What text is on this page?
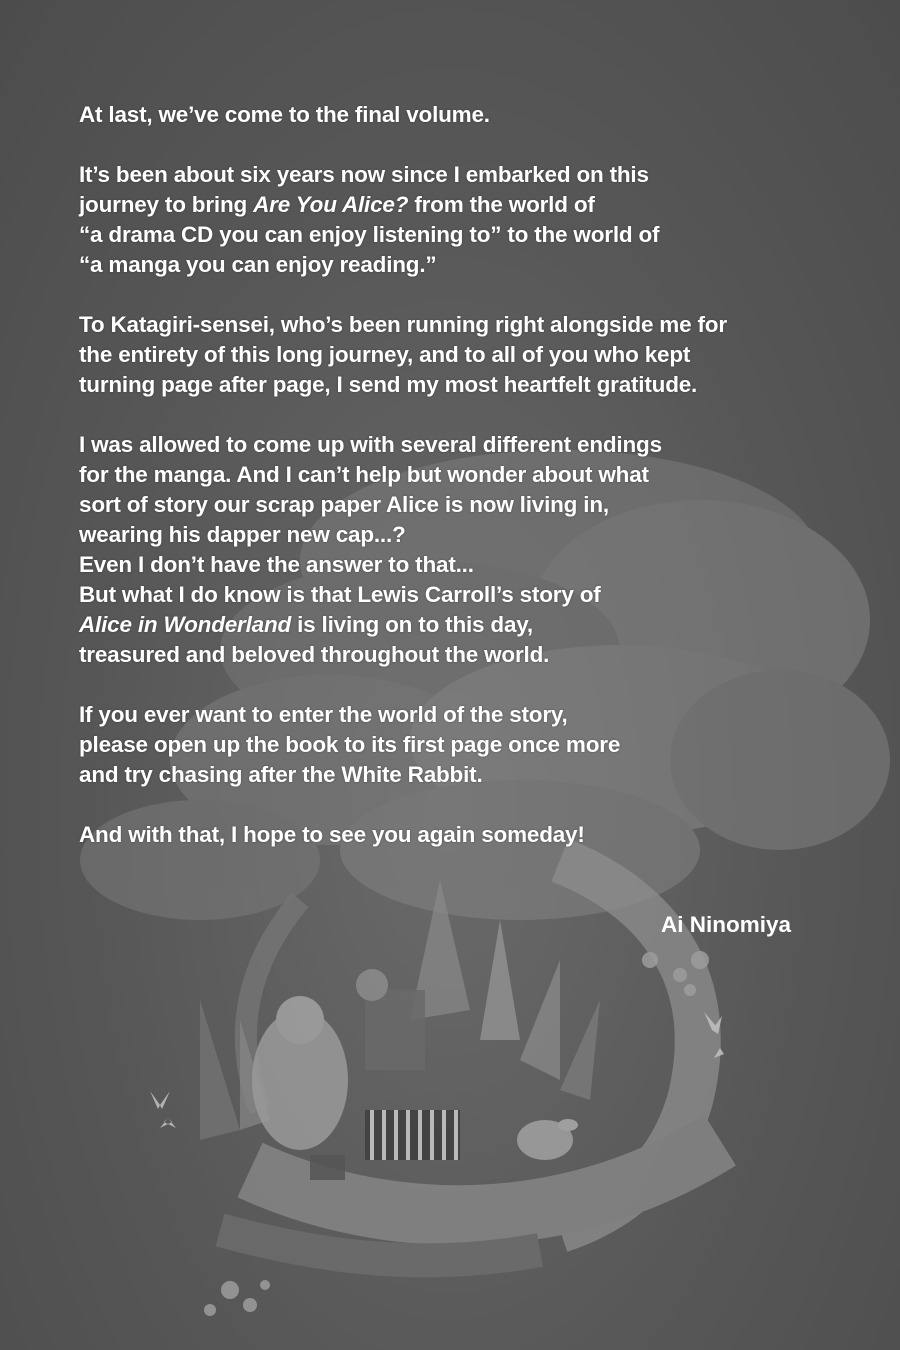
At last, we’ve come to the final volume.

It’s been about six years now since I embarked on this
journey to bring Are You Alice? from the world of
“a drama CD you can enjoy listening to” to the world of
“a manga you can enjoy reading.”

To Katagiri-sensei, who’s been running right alongside me for
the entirety of this long journey, and to all of you who kept
turning page after page, I send my most heartfelt gratitude.

I was allowed to come up with several different endings
for the manga. And I can’t help but wonder about what
sort of story our scrap paper Alice is now living in,
wearing his dapper new cap...?
Even I don’t have the answer to that...
But what I do know is that Lewis Carroll’s story of
Alice in Wonderland is living on to this day,
treasured and beloved throughout the world.

If you ever want to enter the world of the story,
please open up the book to its first page once more
and try chasing after the White Rabbit.

And with that, I hope to see you again someday!

Ai Ninomiya
